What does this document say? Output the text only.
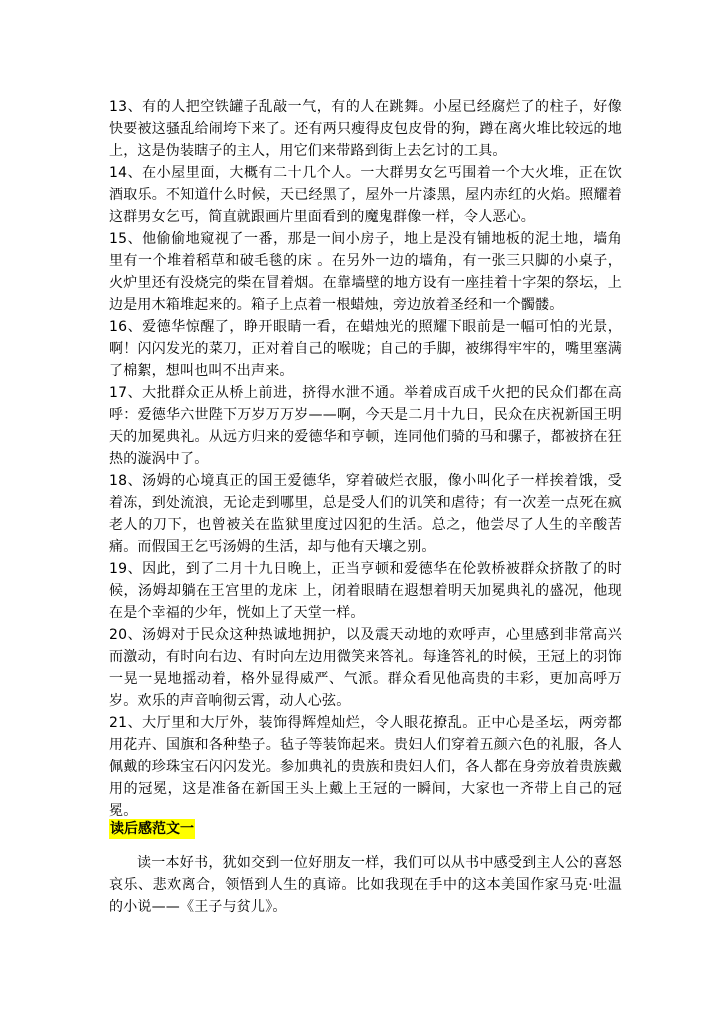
13、有的人把空铁罐子乱敲一气，有的人在跳舞。小屋已经腐烂了的柱子，好像快要被这骚乱给闹垮下来了。还有两只瘦得皮包皮骨的狗，蹲在离火堆比较远的地上，这是伪装瞎子的主人，用它们来带路到街上去乞讨的工具。

14、在小屋里面，大概有二十几个人。一大群男女乞丐围着一个大火堆，正在饮酒取乐。不知道什么时候，天已经黑了，屋外一片漆黑，屋内赤红的火焰。照耀着这群男女乞丐，简直就跟画片里面看到的魔鬼群像一样，令人恶心。

15、他偷偷地窥视了一番，那是一间小房子，地上是没有铺地板的泥土地，墙角里有一个堆着稻草和破毛毯的床 。在另外一边的墙角，有一张三只脚的小桌子，火炉里还有没烧完的柴在冒着烟。在靠墙壁的地方设有一座挂着十字架的祭坛，上边是用木箱堆起来的。箱子上点着一根蜡烛，旁边放着圣经和一个髑髅。

16、爱德华惊醒了，睁开眼睛一看，在蜡烛光的照耀下眼前是一幅可怕的光景，啊！闪闪发光的菜刀，正对着自己的喉咙；自己的手脚，被绑得牢牢的，嘴里塞满了棉絮，想叫也叫不出声来。

17、大批群众正从桥上前进，挤得水泄不通。举着成百成千火把的民众们都在高呼：爱德华六世陛下万岁万万岁——啊，今天是二月十九日，民众在庆祝新国王明天的加冕典礼。从远方归来的爱德华和亨顿，连同他们骑的马和骡子，都被挤在狂热的漩涡中了。

18、汤姆的心境真正的国王爱德华，穿着破烂衣服，像小叫化子一样挨着饿，受着冻，到处流浪，无论走到哪里，总是受人们的讥笑和虐待；有一次差一点死在疯老人的刀下，也曾被关在监狱里度过囚犯的生活。总之，他尝尽了人生的辛酸苦痛。而假国王乞丐汤姆的生活，却与他有天壤之别。

19、因此，到了二月十九日晚上，正当亨顿和爱德华在伦敦桥被群众挤散了的时候，汤姆却躺在王宫里的龙床 上，闭着眼睛在遐想着明天加冕典礼的盛况，他现在是个幸福的少年，恍如上了天堂一样。

20、汤姆对于民众这种热诚地拥护，以及震天动地的欢呼声，心里感到非常高兴而激动，有时向右边、有时向左边用微笑来答礼。每逢答礼的时候，王冠上的羽饰一晃一晃地摇动着，格外显得威严、气派。群众看见他高贵的丰彩，更加高呼万岁。欢乐的声音响彻云霄，动人心弦。

21、大厅里和大厅外，装饰得辉煌灿烂，令人眼花撩乱。正中心是圣坛，两旁都用花卉、国旗和各种垫子。毡子等装饰起来。贵妇人们穿着五颜六色的礼服，各人佩戴的珍珠宝石闪闪发光。参加典礼的贵族和贵妇人们，各人都在身旁放着贵族戴用的冠冕，这是准备在新国王头上戴上王冠的一瞬间，大家也一齐带上自己的冠冕。

读后感范文一

读一本好书，犹如交到一位好朋友一样，我们可以从书中感受到主人公的喜怒哀乐、悲欢离合，领悟到人生的真谛。比如我现在手中的这本美国作家马克·吐温的小说——《王子与贫儿》。
